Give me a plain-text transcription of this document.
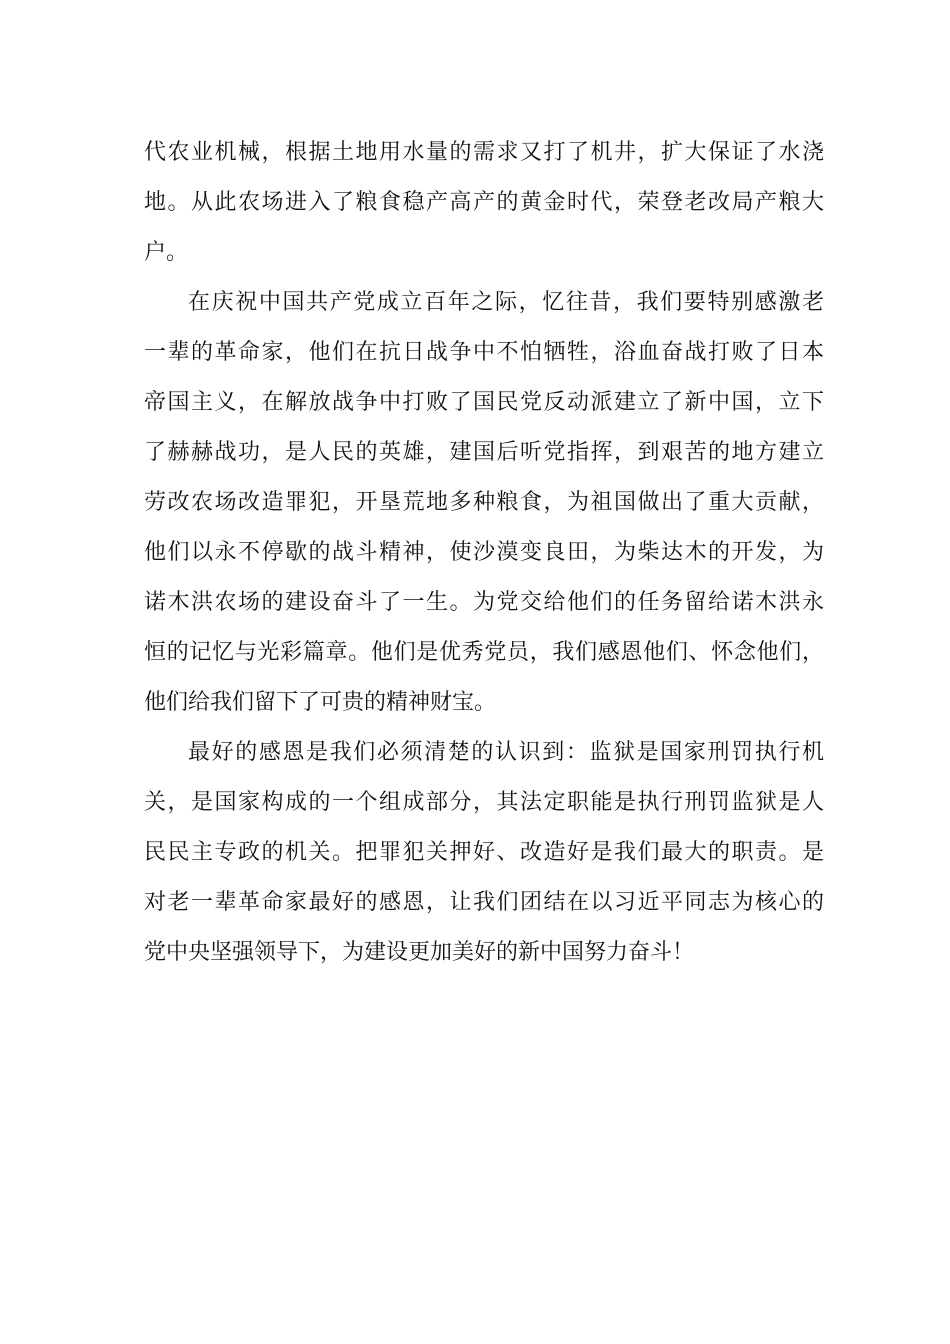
代农业机械，根据土地用水量的需求又打了机井，扩大保证了水浇
地。从此农场进入了粮食稳产高产的黄金时代，荣登老改局产粮大
户。
在庆祝中国共产党成立百年之际，忆往昔，我们要特别感激老
一辈的革命家，他们在抗日战争中不怕牺牲，浴血奋战打败了日本
帝国主义，在解放战争中打败了国民党反动派建立了新中国，立下
了赫赫战功，是人民的英雄，建国后听党指挥，到艰苦的地方建立
劳改农场改造罪犯，开垦荒地多种粮食，为祖国做出了重大贡献，
他们以永不停歇的战斗精神，使沙漠变良田，为柴达木的开发，为
诺木洪农场的建设奋斗了一生。为党交给他们的任务留给诺木洪永
恒的记忆与光彩篇章。他们是优秀党员，我们感恩他们、怀念他们，
他们给我们留下了可贵的精神财宝。
最好的感恩是我们必须清楚的认识到：监狱是国家刑罚执行机
关，是国家构成的一个组成部分，其法定职能是执行刑罚监狱是人
民民主专政的机关。把罪犯关押好、改造好是我们最大的职责。是
对老一辈革命家最好的感恩，让我们团结在以习近平同志为核心的
党中央坚强领导下，为建设更加美好的新中国努力奋斗！
